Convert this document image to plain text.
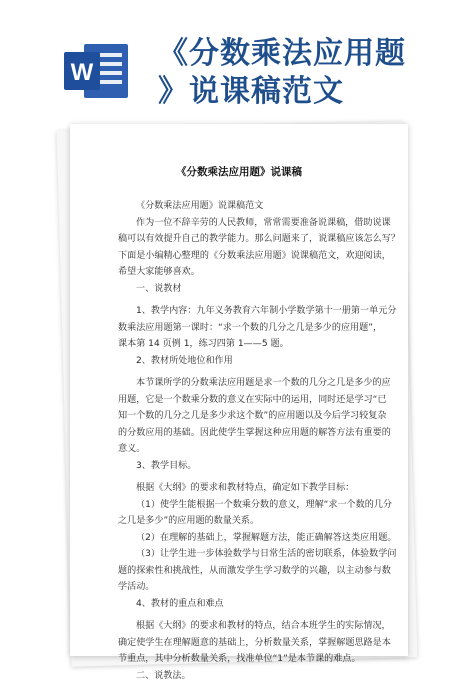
W
《分数乘法应用题
》说课稿范文
《分数乘法应用题》说课稿
《分数乘法应用题》说课稿范文
作为一位不辞辛劳的人民教师，常常需要准备说课稿，借助说课
稿可以有效提升自己的教学能力。那么问题来了，说课稿应该怎么写？
下面是小编精心整理的《分数乘法应用题》说课稿范文，欢迎阅读，
希望大家能够喜欢。
一、说教材
1、教学内容：九年义务教育六年制小学数学第十一册第一单元分
数乘法应用题第一课时：“求一个数的几分之几是多少的应用题”，
课本第 14 页例 1，练习四第 1——5 题。
2、教材所处地位和作用
本节课所学的分数乘法应用题是求一个数的几分之几是多少的应
用题，它是一个数乘分数的意义在实际中的运用，同时还是学习“已
知一个数的几分之几是多少求这个数”的应用题以及今后学习较复杂
的分数应用的基础。因此使学生掌握这种应用题的解答方法有重要的
意义。
3、教学目标。
根据《大纲》的要求和教材特点，确定如下教学目标：
（1）使学生能根据一个数乘分数的意义，理解“求一个数的几分
之几是多少”的应用题的数量关系。
（2）在理解的基础上，掌握解题方法，能正确解答这类应用题。
（3）让学生进一步体验数学与日常生活的密切联系，体验数学问
题的探索性和挑战性，从而激发学生学习数学的兴趣，以主动参与数
学活动。
4、教材的重点和难点
根据《大纲》的要求和教材的特点，结合本班学生的实际情况，
确定使学生在理解题意的基础上，分析数量关系，掌握解题思路是本
节重点，其中分析数量关系，找准单位“1”是本节课的难点。
二、说教法。
